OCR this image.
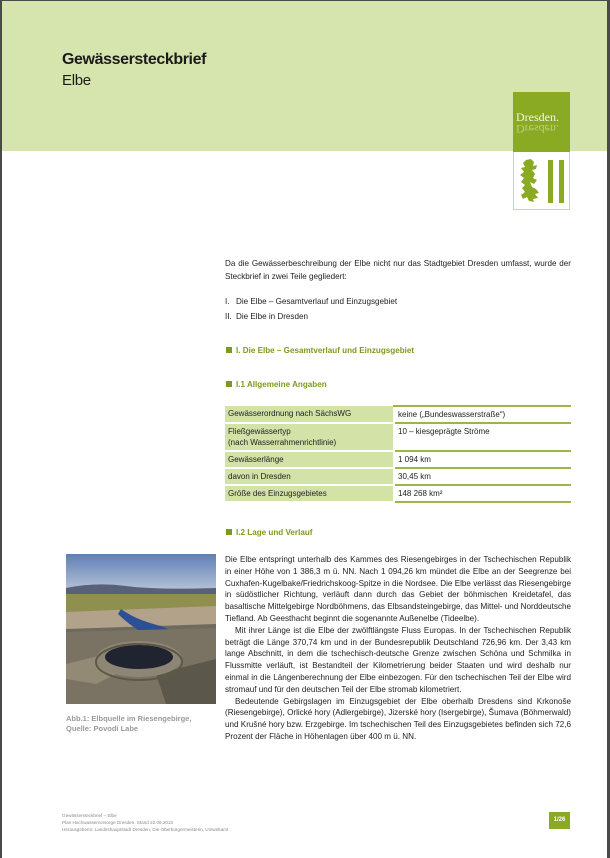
Gewässersteckbrief
Elbe
Dresden.
Dresden.
Da die Gewässerbeschreibung der Elbe nicht nur das Stadtgebiet Dresden umfasst, wurde der Steckbrief in zwei Teile gegliedert:
I. Die Elbe – Gesamtverlauf und Einzugsgebiet
II. Die Elbe in Dresden
I. Die Elbe – Gesamtverlauf und Einzugsgebiet
I.1 Allgemeine Angaben
Gewässerordnung nach SächsWG	keine („Bundeswasserstraße“)

Fließgewässertyp
(nach Wasserrahmenrichtlinie)	10 – kiesgeprägte Ströme
Gewässerlänge	1 094 km
davon in Dresden	30,45 km
Größe des Einzugsgebietes	148 268 km²
I.2 Lage und Verlauf
Abb.1: Elbquelle im Riesengebirge,
Quelle: Povodí Labe

Die Elbe entspringt unterhalb des Kammes des Riesengebirges in der Tschechischen Republik in einer Höhe von 1 386,3 m ü. NN. Nach 1 094,26 km mündet die Elbe an der Seegrenze bei Cuxhafen-Kugelbake/Friedrichskoog-Spitze in die Nordsee. Die Elbe verlässt das Riesengebirge in südöstlicher Richtung, verläuft dann durch das Gebiet der böhmischen Kreidetafel, das basaltische Mittelgebirge Nordböhmens, das Elbsandsteingebirge, das Mittel- und Norddeutsche Tiefland. Ab Geesthacht beginnt die sogenannte Außenelbe (Tideelbe).

Mit ihrer Länge ist die Elbe der zwölftlängste Fluss Europas. In der Tschechischen Republik beträgt die Länge 370,74 km und in der Bundesrepublik Deutschland 726,96 km. Der 3,43 km lange Abschnitt, in dem die tschechisch-deutsche Grenze zwischen Schöna und Schmilka in Flussmitte verläuft, ist Bestandteil der Kilometrierung beider Staaten und wird deshalb nur einmal in die Längenberechnung der Elbe einbezogen. Für den tschechischen Teil der Elbe wird stromauf und für den deutschen Teil der Elbe stromab kilometriert.

Bedeutende Gebirgslagen im Einzugsgebiet der Elbe oberhalb Dresdens sind Krkonoše (Riesengebirge), Orlické hory (Adlergebirge), Jizerské hory (Isergebirge), Šumava (Böhmerwald) und Krušné hory bzw. Erzgebirge. Im tschechischen Teil des Einzugsgebietes befinden sich 72,6 Prozent der Fläche in Höhenlagen über 400 m ü. NN.

Gewässersteckbrief – Elbe
Plan Hochwasservorsorge Dresden, Stand 22.09.2010
Herausgeberin: Landeshauptstadt Dresden, Die Oberbürgermeisterin, Umweltamt
1/26
